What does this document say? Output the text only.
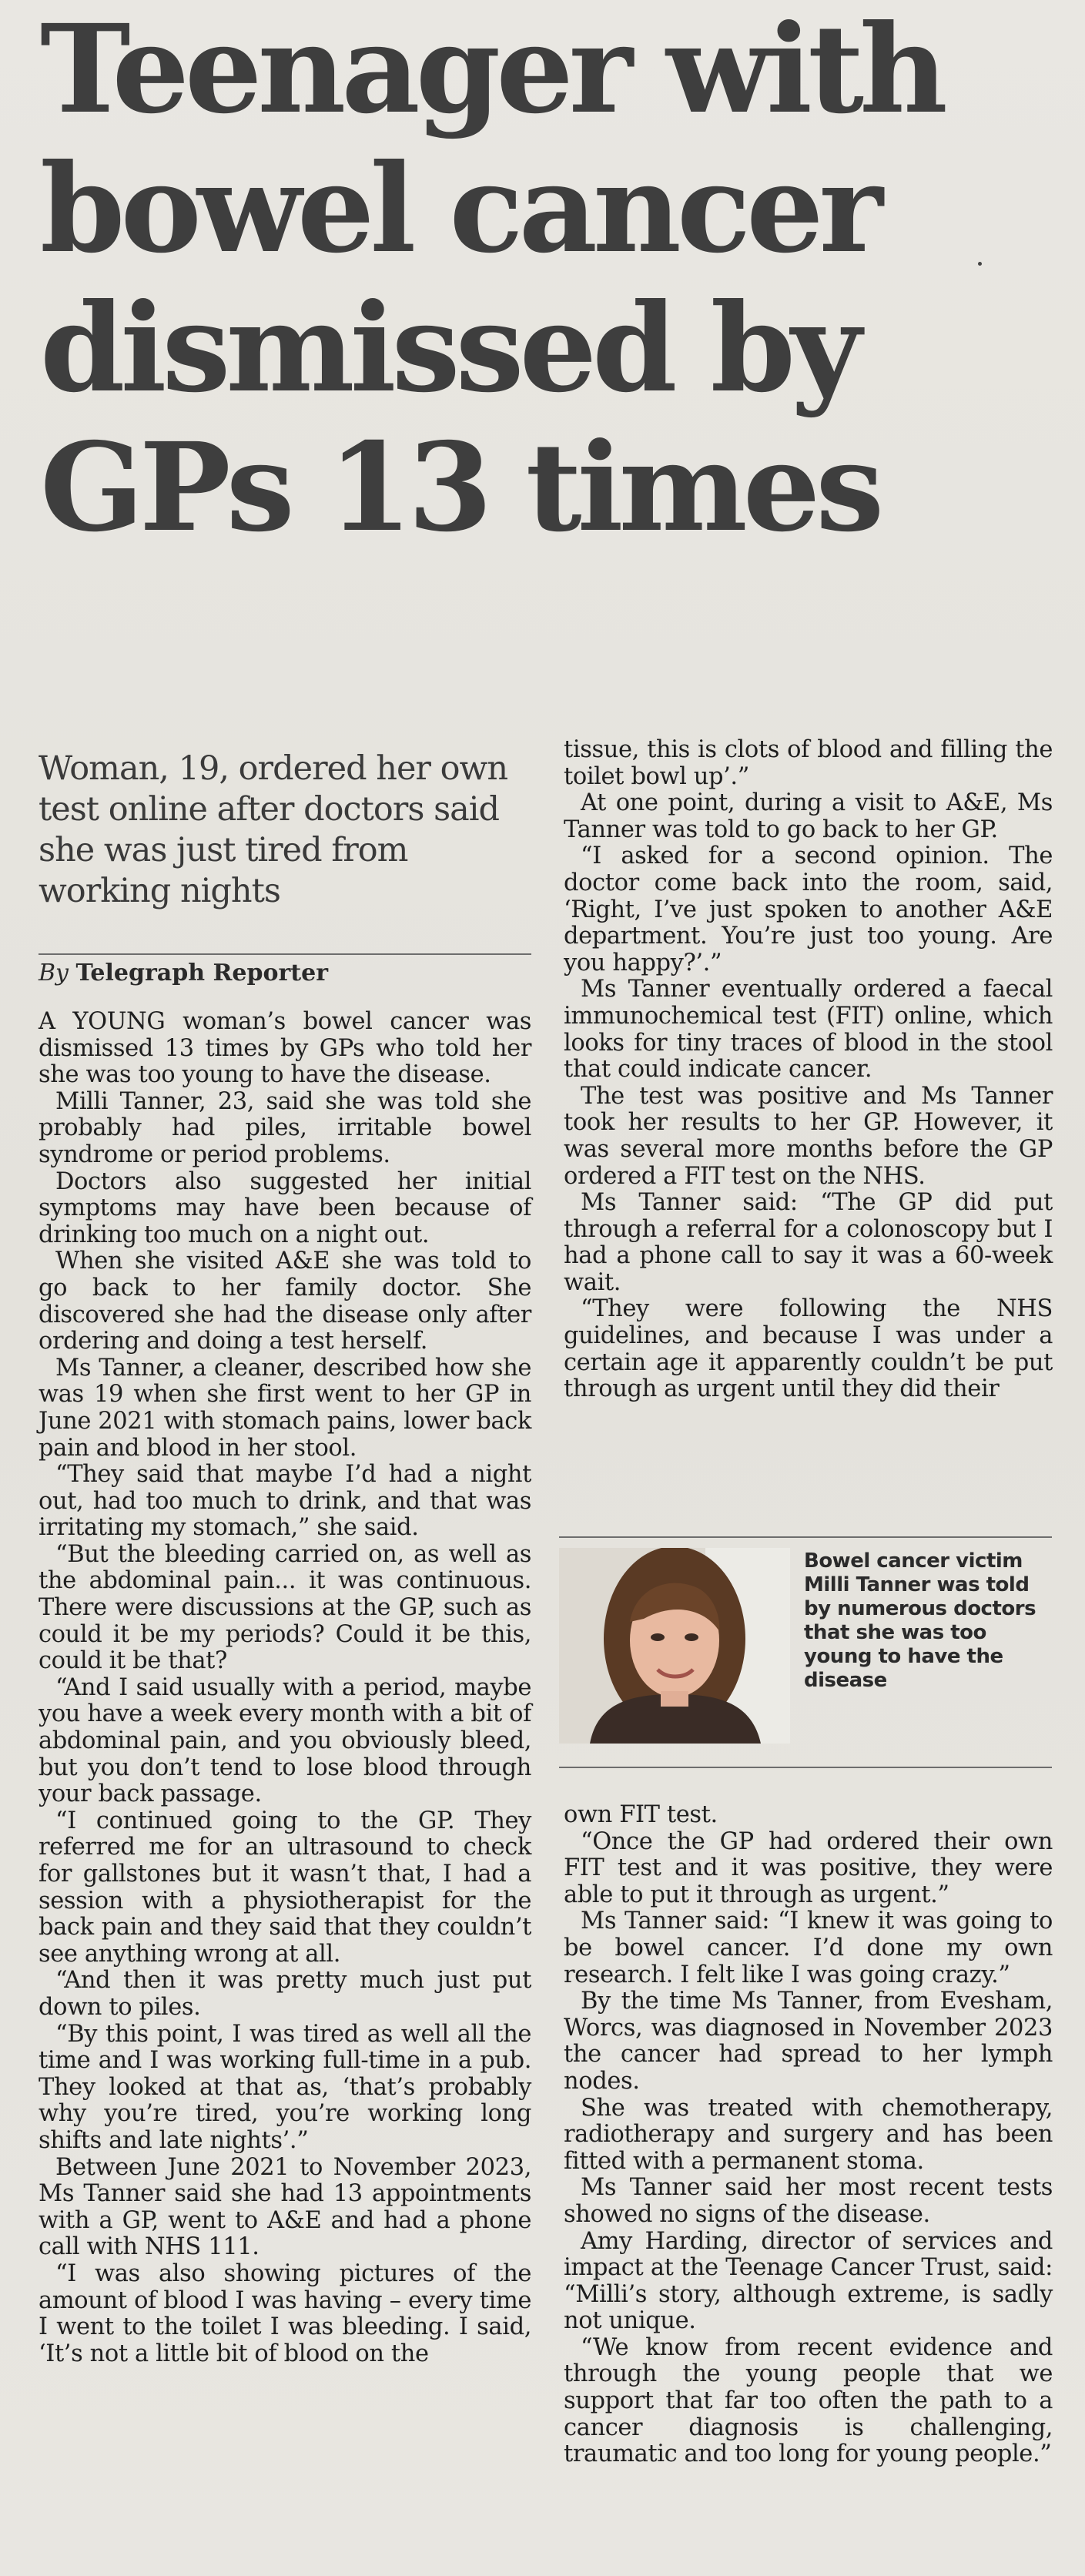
Teenager with bowel cancer dismissed by GPs 13 times

Woman, 19, ordered her own test online after doctors said she was just tired from working nights

By Telegraph Reporter

A YOUNG woman’s bowel cancer was dismissed 13 times by GPs who told her she was too young to have the disease.

Milli Tanner, 23, said she was told she probably had piles, irritable bowel syndrome or period problems.

Doctors also suggested her initial symptoms may have been because of drinking too much on a night out.

When she visited A&E she was told to go back to her family doctor. She discovered she had the disease only after ordering and doing a test herself.

Ms Tanner, a cleaner, described how she was 19 when she first went to her GP in June 2021 with stomach pains, lower back pain and blood in her stool.

“They said that maybe I’d had a night out, had too much to drink, and that was irritating my stomach,” she said.

“But the bleeding carried on, as well as the abdominal pain... it was continuous. There were discussions at the GP, such as could it be my periods? Could it be this, could it be that?

“And I said usually with a period, maybe you have a week every month with a bit of abdominal pain, and you obviously bleed, but you don’t tend to lose blood through your back passage.

“I continued going to the GP. They referred me for an ultrasound to check for gallstones but it wasn’t that, I had a session with a physiotherapist for the back pain and they said that they couldn’t see anything wrong at all.

“And then it was pretty much just put down to piles.

“By this point, I was tired as well all the time and I was working full-time in a pub. They looked at that as, ‘that’s probably why you’re tired, you’re working long shifts and late nights’.”

Between June 2021 to November 2023, Ms Tanner said she had 13 appointments with a GP, went to A&E and had a phone call with NHS 111.

“I was also showing pictures of the amount of blood I was having – every time I went to the toilet I was bleeding. I said, ‘It’s not a little bit of blood on the

tissue, this is clots of blood and filling the toilet bowl up’.”

At one point, during a visit to A&E, Ms Tanner was told to go back to her GP.

“I asked for a second opinion. The doctor come back into the room, said, ‘Right, I’ve just spoken to another A&E department. You’re just too young. Are you happy?’.”

Ms Tanner eventually ordered a faecal immunochemical test (FIT) online, which looks for tiny traces of blood in the stool that could indicate cancer.

The test was positive and Ms Tanner took her results to her GP. However, it was several more months before the GP ordered a FIT test on the NHS.

Ms Tanner said: “The GP did put through a referral for a colonoscopy but I had a phone call to say it was a 60-week wait.

“They were following the NHS guidelines, and because I was under a certain age it apparently couldn’t be put through as urgent until they did their

Bowel cancer victim Milli Tanner was told by numerous doctors that she was too young to have the disease

own FIT test.

“Once the GP had ordered their own FIT test and it was positive, they were able to put it through as urgent.”

Ms Tanner said: “I knew it was going to be bowel cancer. I’d done my own research. I felt like I was going crazy.”

By the time Ms Tanner, from Evesham, Worcs, was diagnosed in November 2023 the cancer had spread to her lymph nodes.

She was treated with chemotherapy, radiotherapy and surgery and has been fitted with a permanent stoma.

Ms Tanner said her most recent tests showed no signs of the disease.

Amy Harding, director of services and impact at the Teenage Cancer Trust, said: “Milli’s story, although extreme, is sadly not unique.

“We know from recent evidence and through the young people that we support that far too often the path to a cancer diagnosis is challenging, traumatic and too long for young people.”
